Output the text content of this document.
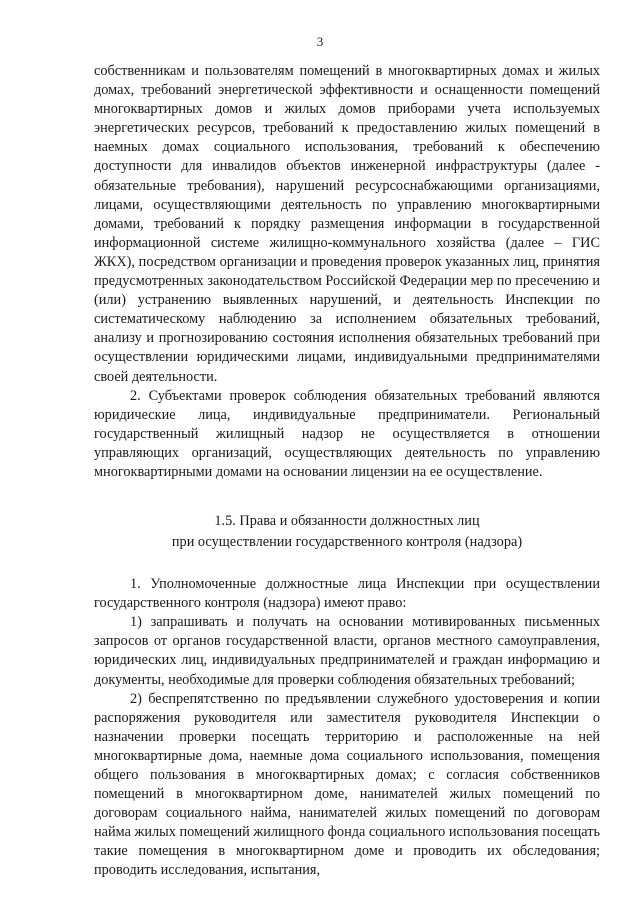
3

собственникам и пользователям помещений в многоквартирных домах и жилых домах, требований энергетической эффективности и оснащенности помещений многоквартирных домов и жилых домов приборами учета используемых энергетических ресурсов, требований к предоставлению жилых помещений в наемных домах социального использования, требований к обеспечению доступности для инвалидов объектов инженерной инфраструктуры (далее - обязательные требования), нарушений ресурсоснабжающими организациями, лицами, осуществляющими деятельность по управлению многоквартирными домами, требований к порядку размещения информации в государственной информационной системе жилищно-коммунального хозяйства (далее – ГИС ЖКХ), посредством организации и проведения проверок указанных лиц, принятия предусмотренных законодательством Российской Федерации мер по пресечению и (или) устранению выявленных нарушений, и деятельность Инспекции по систематическому наблюдению за исполнением обязательных требований, анализу и прогнозированию состояния исполнения обязательных требований при осуществлении юридическими лицами, индивидуальными предпринимателями своей деятельности.

2. Субъектами проверок соблюдения обязательных требований являются юридические лица, индивидуальные предприниматели. Региональный государственный жилищный надзор не осуществляется в отношении управляющих организаций, осуществляющих деятельность по управлению многоквартирными домами на основании лицензии на ее осуществление.

1.5. Права и обязанности должностных лиц
при осуществлении государственного контроля (надзора)

1. Уполномоченные должностные лица Инспекции при осуществлении государственного контроля (надзора) имеют право:

1) запрашивать и получать на основании мотивированных письменных запросов от органов государственной власти, органов местного самоуправления, юридических лиц, индивидуальных предпринимателей и граждан информацию и документы, необходимые для проверки соблюдения обязательных требований;

2) беспрепятственно по предъявлении служебного удостоверения и копии распоряжения руководителя или заместителя руководителя Инспекции о назначении проверки посещать территорию и расположенные на ней многоквартирные дома, наемные дома социального использования, помещения общего пользования в многоквартирных домах; с согласия собственников помещений в многоквартирном доме, нанимателей жилых помещений по договорам социального найма, нанимателей жилых помещений по договорам найма жилых помещений жилищного фонда социального использования посещать такие помещения в многоквартирном доме и проводить их обследования; проводить исследования, испытания,
